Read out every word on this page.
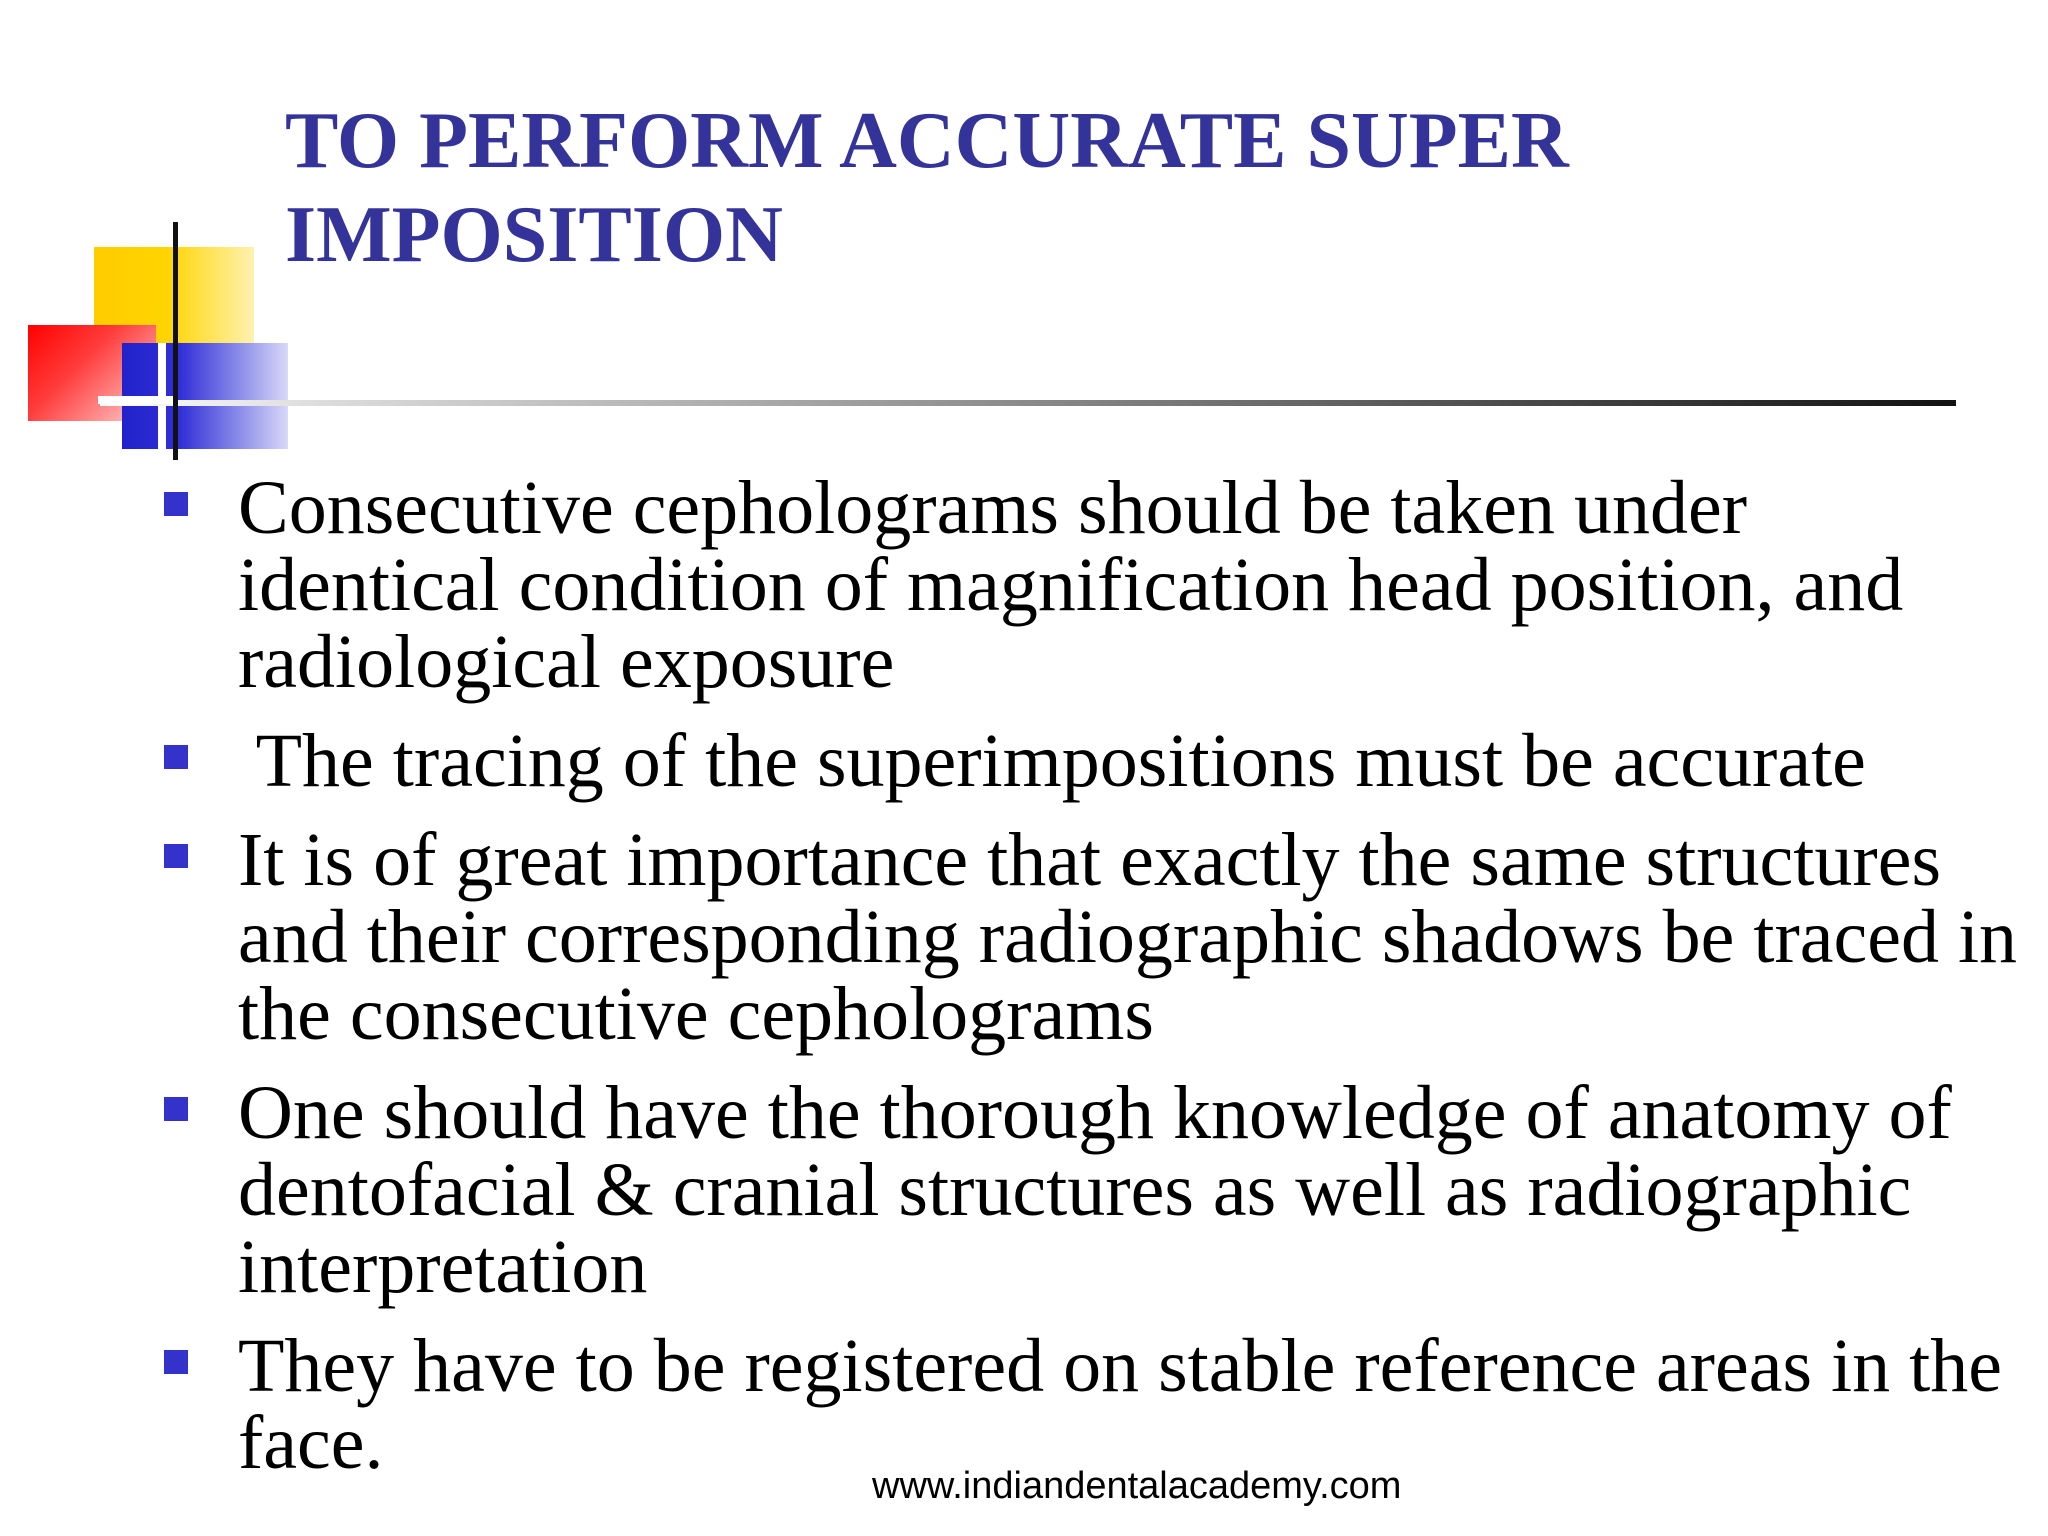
TO PERFORM ACCURATE SUPER IMPOSITION
Consecutive cepholograms should be taken under identical condition of magnification head position, and radiological exposure
The tracing of the superimpositions must be accurate
It is of great importance that exactly the same structures and their corresponding radiographic shadows be traced in the consecutive cepholograms
One should have the thorough knowledge of anatomy of dentofacial & cranial structures as well as radiographic interpretation
They have to be registered on stable reference areas in the face.
www.indiandentalacademy.com
